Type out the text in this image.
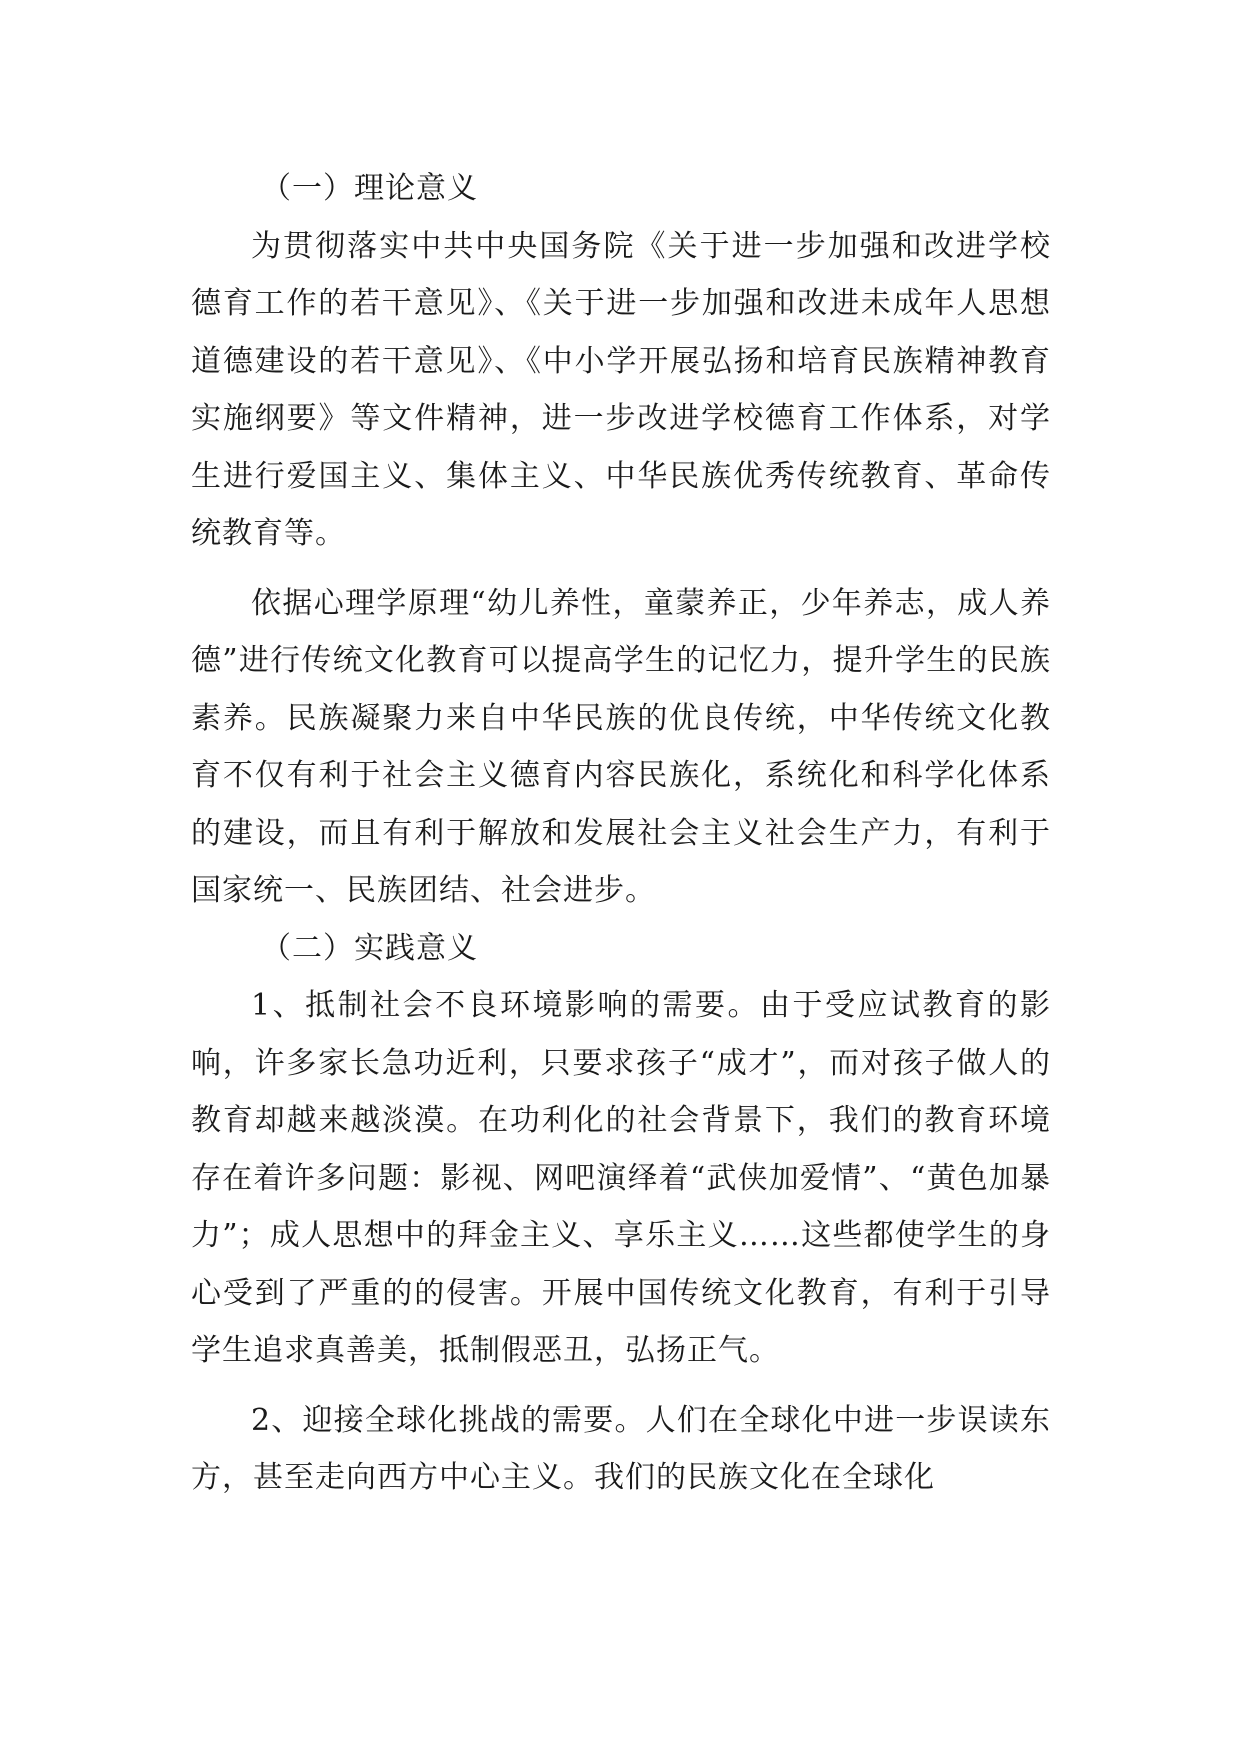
（一）理论意义

为贯彻落实中共中央国务院《关于进一步加强和改进学校德育工作的若干意见》、《关于进一步加强和改进未成年人思想道德建设的若干意见》、《中小学开展弘扬和培育民族精神教育实施纲要》等文件精神，进一步改进学校德育工作体系，对学生进行爱国主义、集体主义、中华民族优秀传统教育、革命传统教育等。

依据心理学原理“幼儿养性，童蒙养正，少年养志，成人养德”进行传统文化教育可以提高学生的记忆力，提升学生的民族素养。民族凝聚力来自中华民族的优良传统，中华传统文化教育不仅有利于社会主义德育内容民族化，系统化和科学化体系的建设，而且有利于解放和发展社会主义社会生产力，有利于国家统一、民族团结、社会进步。

（二）实践意义

1、抵制社会不良环境影响的需要。由于受应试教育的影响，许多家长急功近利，只要求孩子“成才”，而对孩子做人的教育却越来越淡漠。在功利化的社会背景下，我们的教育环境存在着许多问题：影视、网吧演绎着“武侠加爱情”、“黄色加暴力”；成人思想中的拜金主义、享乐主义……这些都使学生的身心受到了严重的的侵害。开展中国传统文化教育，有利于引导学生追求真善美，抵制假恶丑，弘扬正气。

2、迎接全球化挑战的需要。人们在全球化中进一步误读东方，甚至走向西方中心主义。我们的民族文化在全球化
